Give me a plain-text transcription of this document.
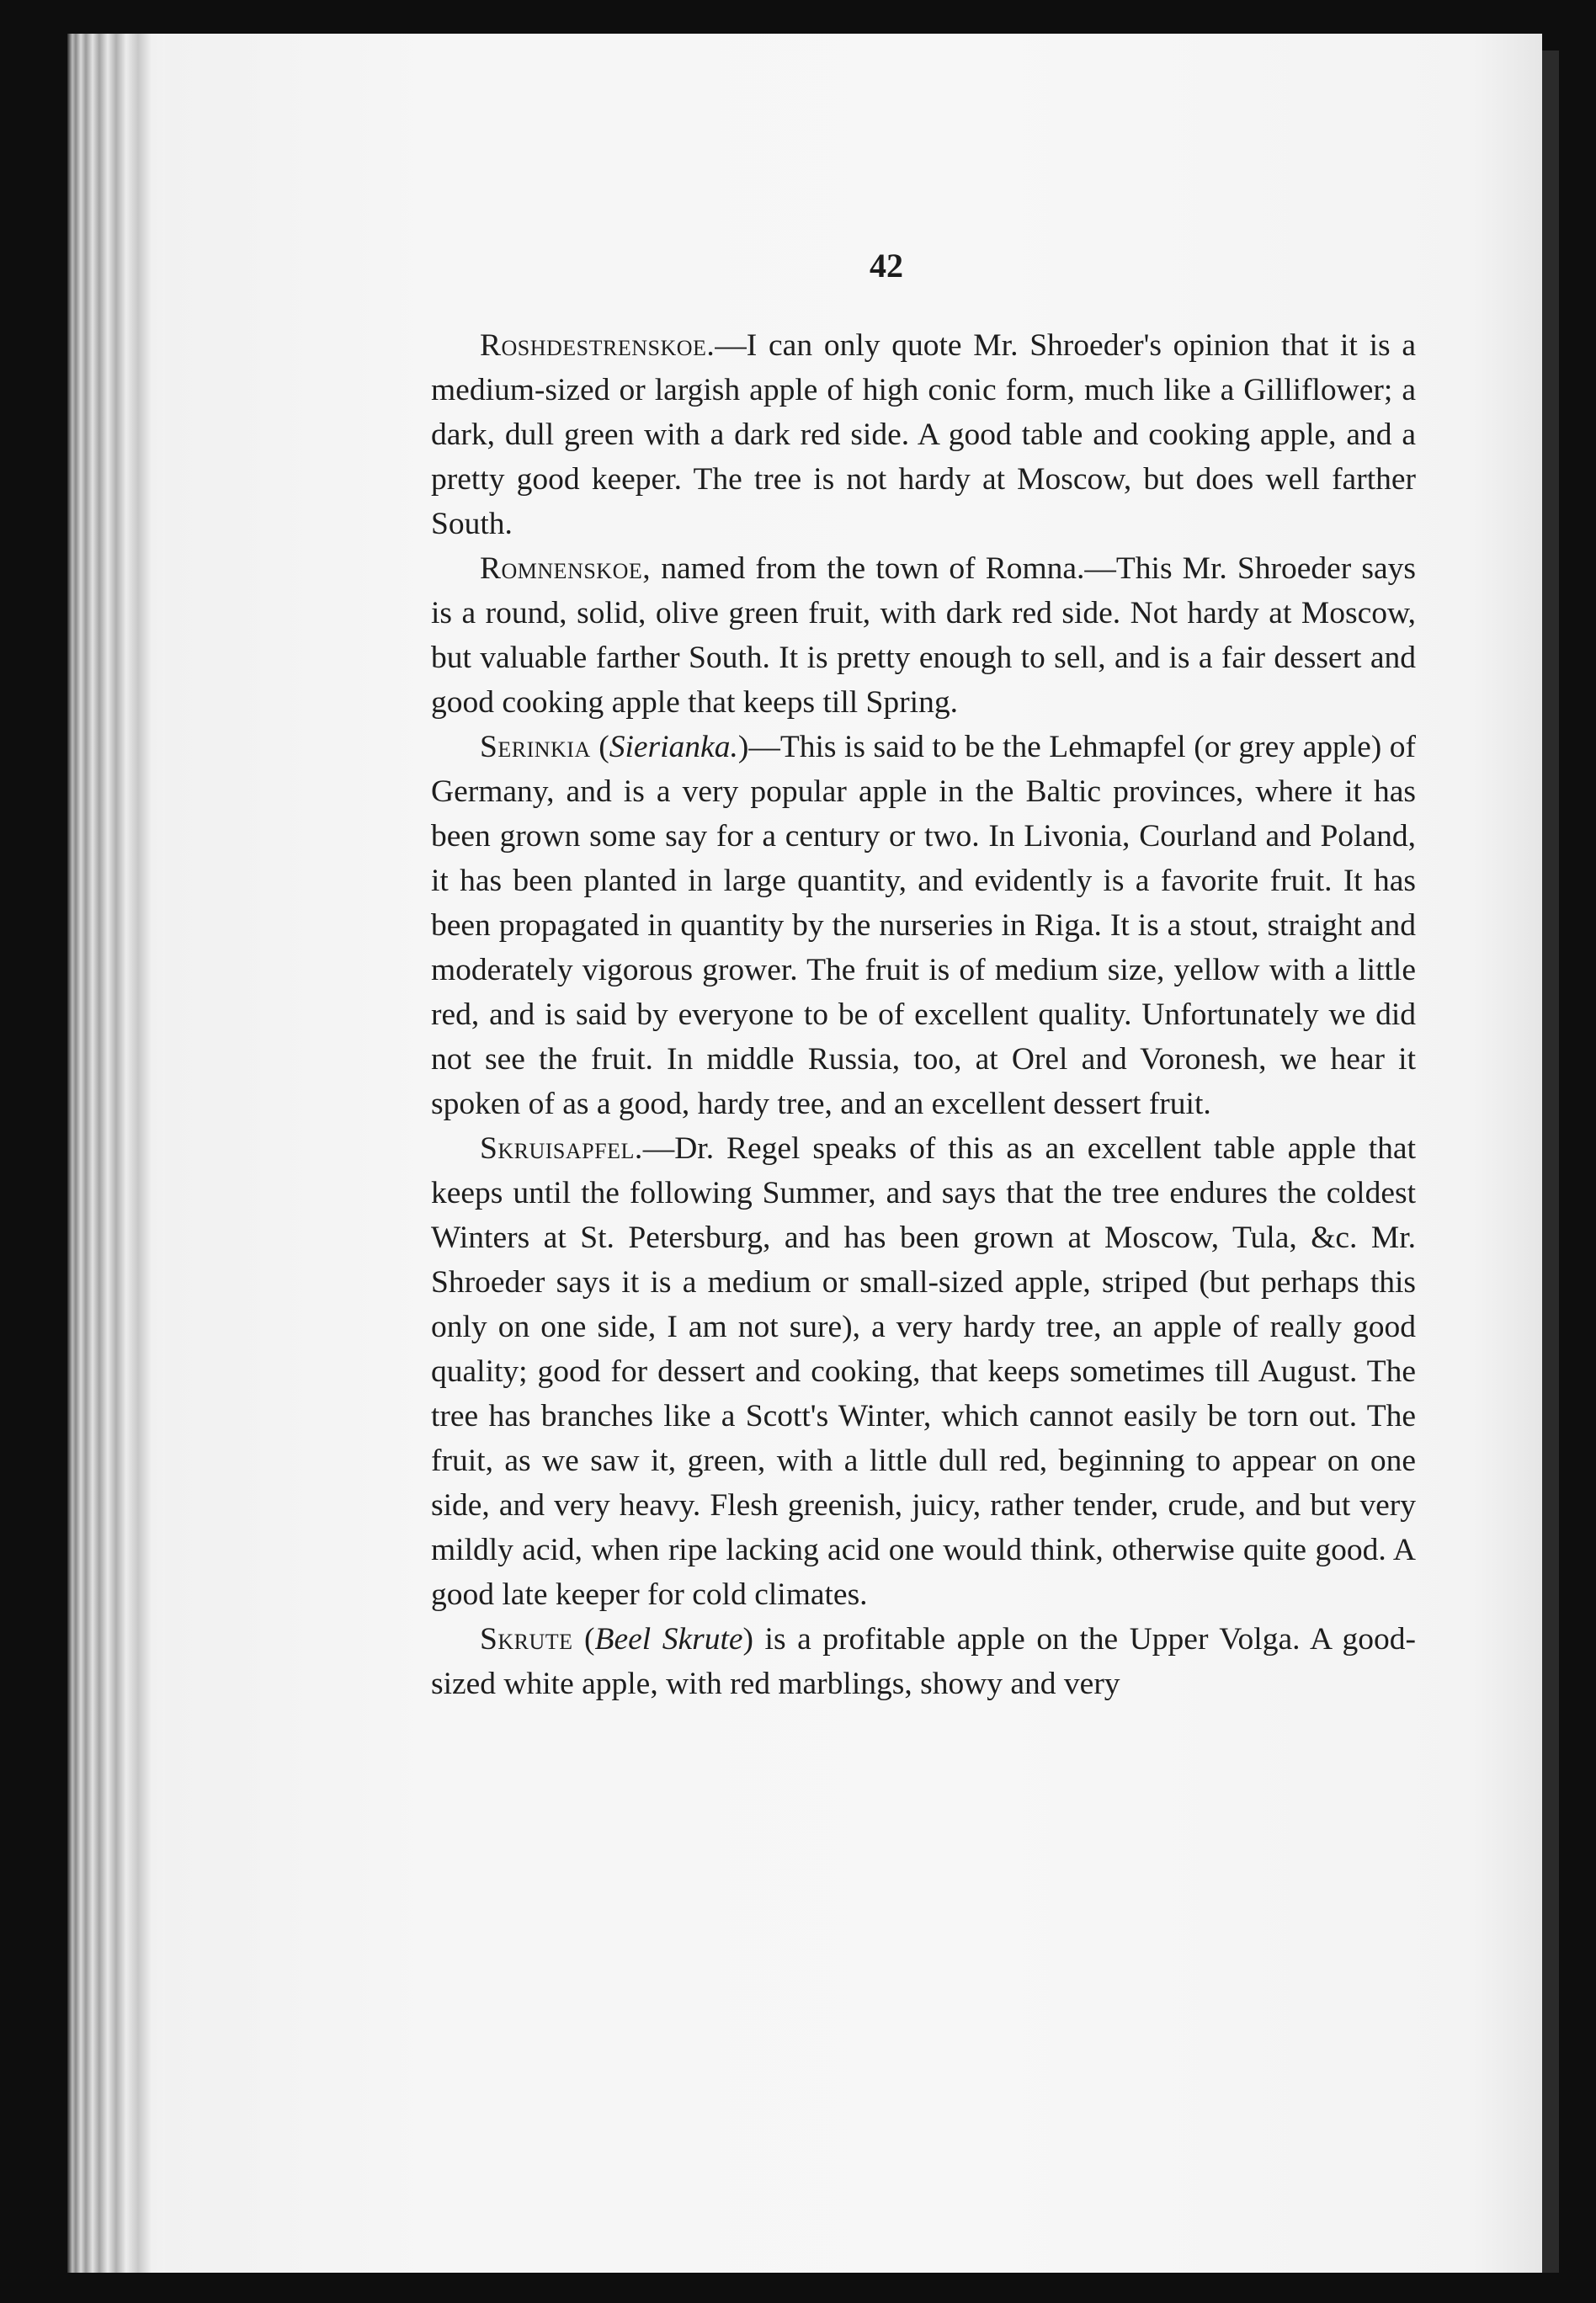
42

Roshdestrenskoe.—I can only quote Mr. Shroeder's opinion that it is a medium-sized or largish apple of high conic form, much like a Gilliflower; a dark, dull green with a dark red side. A good table and cooking apple, and a pretty good keeper. The tree is not hardy at Moscow, but does well farther South.

Romnenskoe, named from the town of Romna.—This Mr. Shroeder says is a round, solid, olive green fruit, with dark red side. Not hardy at Moscow, but valuable farther South. It is pretty enough to sell, and is a fair dessert and good cooking apple that keeps till Spring.

Serinkia (Sierianka.)—This is said to be the Lehmapfel (or grey apple) of Germany, and is a very popular apple in the Baltic provinces, where it has been grown some say for a century or two. In Livonia, Courland and Poland, it has been planted in large quantity, and evidently is a favorite fruit. It has been propagated in quantity by the nurseries in Riga. It is a stout, straight and moderately vigorous grower. The fruit is of medium size, yellow with a little red, and is said by everyone to be of excellent quality. Unfortunately we did not see the fruit. In middle Russia, too, at Orel and Voronesh, we hear it spoken of as a good, hardy tree, and an excellent dessert fruit.

Skruisapfel.—Dr. Regel speaks of this as an excellent table apple that keeps until the following Summer, and says that the tree endures the coldest Winters at St. Petersburg, and has been grown at Moscow, Tula, &c. Mr. Shroeder says it is a medium or small-sized apple, striped (but perhaps this only on one side, I am not sure), a very hardy tree, an apple of really good quality; good for dessert and cooking, that keeps sometimes till August. The tree has branches like a Scott's Winter, which cannot easily be torn out. The fruit, as we saw it, green, with a little dull red, beginning to appear on one side, and very heavy. Flesh greenish, juicy, rather tender, crude, and but very mildly acid, when ripe lacking acid one would think, otherwise quite good. A good late keeper for cold climates.

Skrute (Beel Skrute) is a profitable apple on the Upper Volga. A good-sized white apple, with red marblings, showy and very
